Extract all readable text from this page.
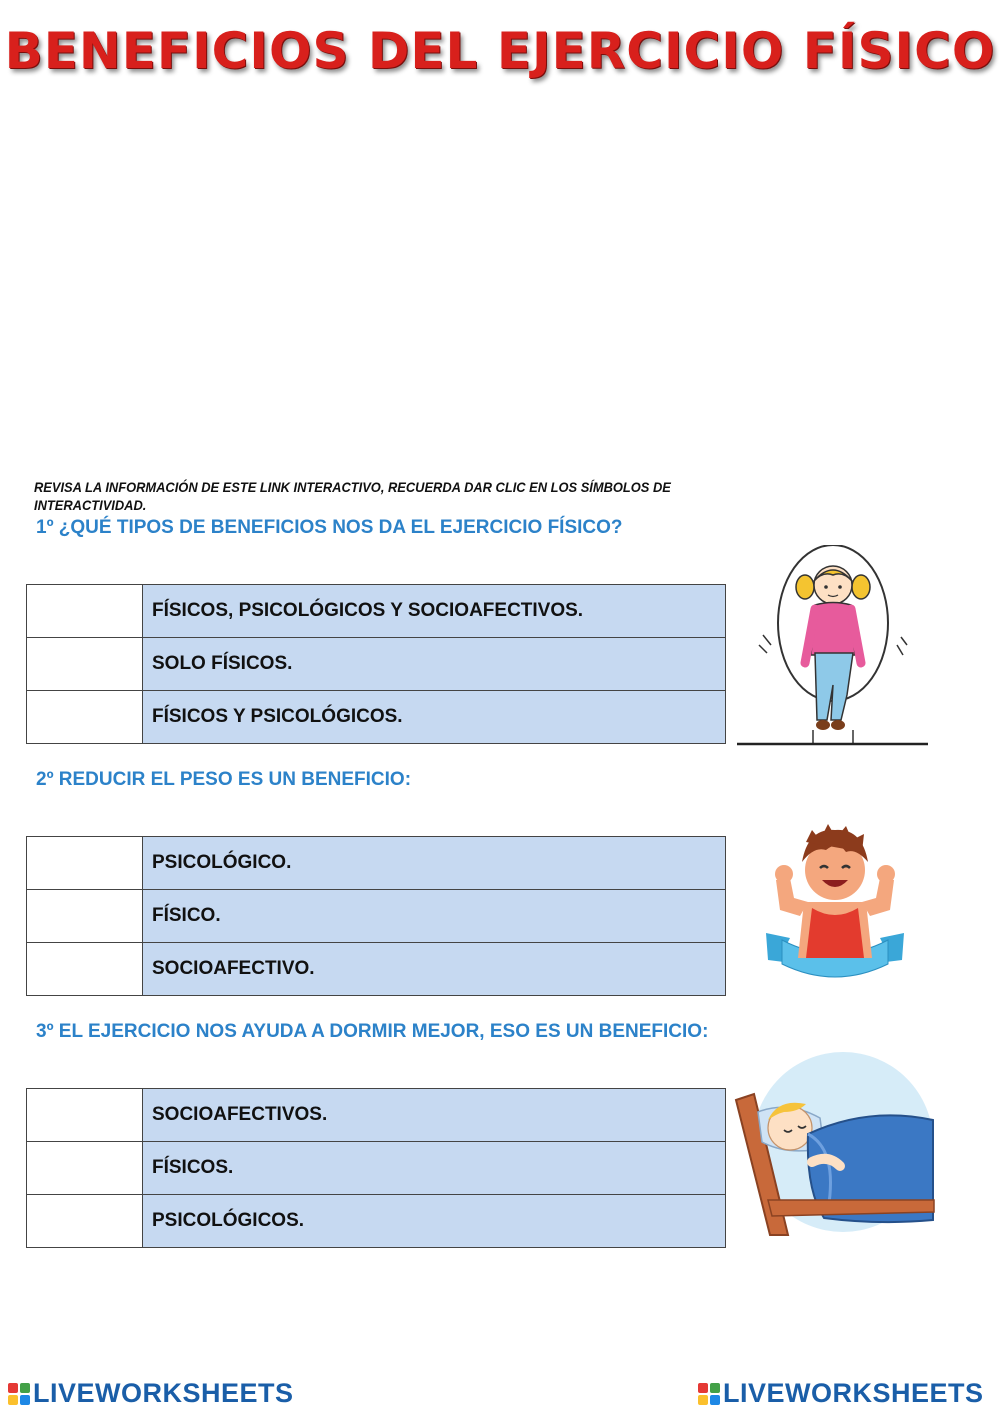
BENEFICIOS DEL EJERCICIO FÍSICO
REVISA LA INFORMACIÓN DE ESTE LINK INTERACTIVO, RECUERDA DAR CLIC EN LOS SÍMBOLOS DE INTERACTIVIDAD.
1º ¿QUÉ TIPOS DE BENEFICIOS NOS DA EL EJERCICIO FÍSICO?
	FÍSICOS, PSICOLÓGICOS Y SOCIOAFECTIVOS.
	SOLO FÍSICOS.
	FÍSICOS Y PSICOLÓGICOS.
2º REDUCIR EL PESO ES UN BENEFICIO:
	PSICOLÓGICO.
	FÍSICO.
	SOCIOAFECTIVO.
3º EL EJERCICIO NOS AYUDA A DORMIR MEJOR, ESO ES UN BENEFICIO:
	SOCIOAFECTIVOS.
	FÍSICOS.
	PSICOLÓGICOS.
LIVEWORKSHEETS	LIVEWORKSHEETS
